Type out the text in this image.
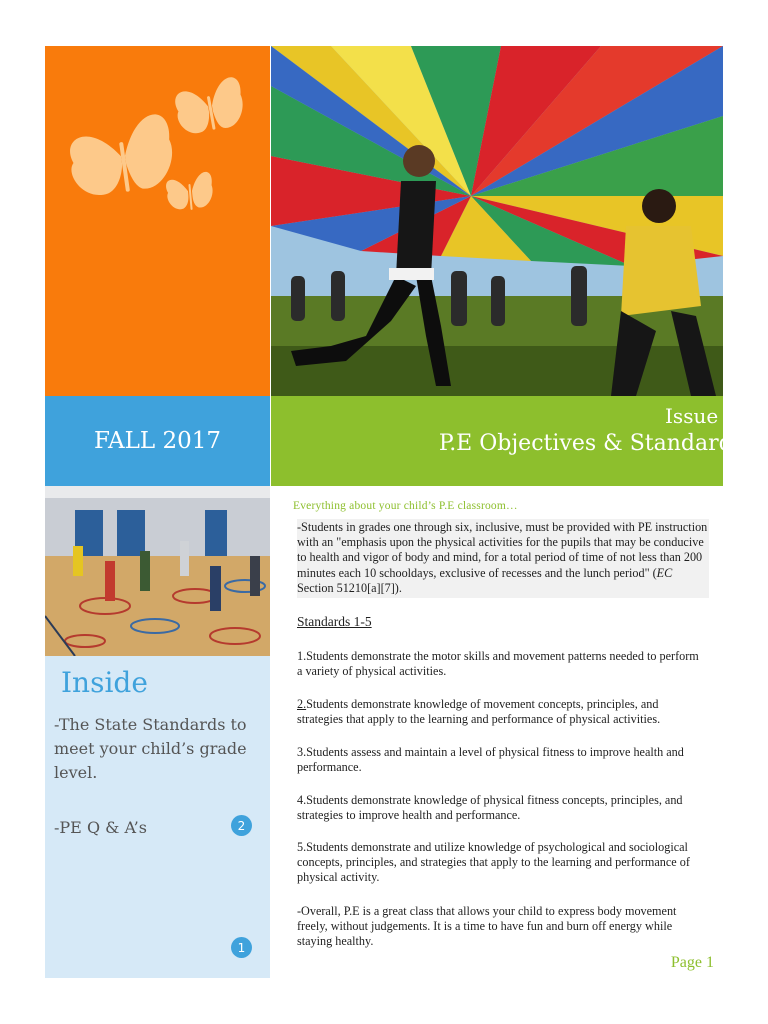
FALL 2017
Issue 1:
P.E Objectives & Standards
Inside
-The State Standards to meet your child’s grade level.
-PE Q & A’s	2
1
Everything about your child’s P.E classroom…
-Students in grades one through six, inclusive, must be provided with PE instruction with an "emphasis upon the physical activities for the pupils that may be conducive to health and vigor of body and mind, for a total period of time of not less than 200 minutes each 10 schooldays, exclusive of recesses and the lunch period" (EC Section 51210[a][7]).
Standards 1-5
1.Students demonstrate the motor skills and movement patterns needed to perform a variety of physical activities.
2.Students demonstrate knowledge of movement concepts, principles, and strategies that apply to the learning and performance of physical activities.
3.Students assess and maintain a level of physical fitness to improve health and performance.
4.Students demonstrate knowledge of physical fitness concepts, principles, and strategies to improve health and performance.
5.Students demonstrate and utilize knowledge of psychological and sociological concepts, principles, and strategies that apply to the learning and performance of physical activity.
-Overall, P.E is a great class that allows your child to express body movement freely, without judgements. It is a time to have fun and burn off energy while staying healthy.
Page 1
